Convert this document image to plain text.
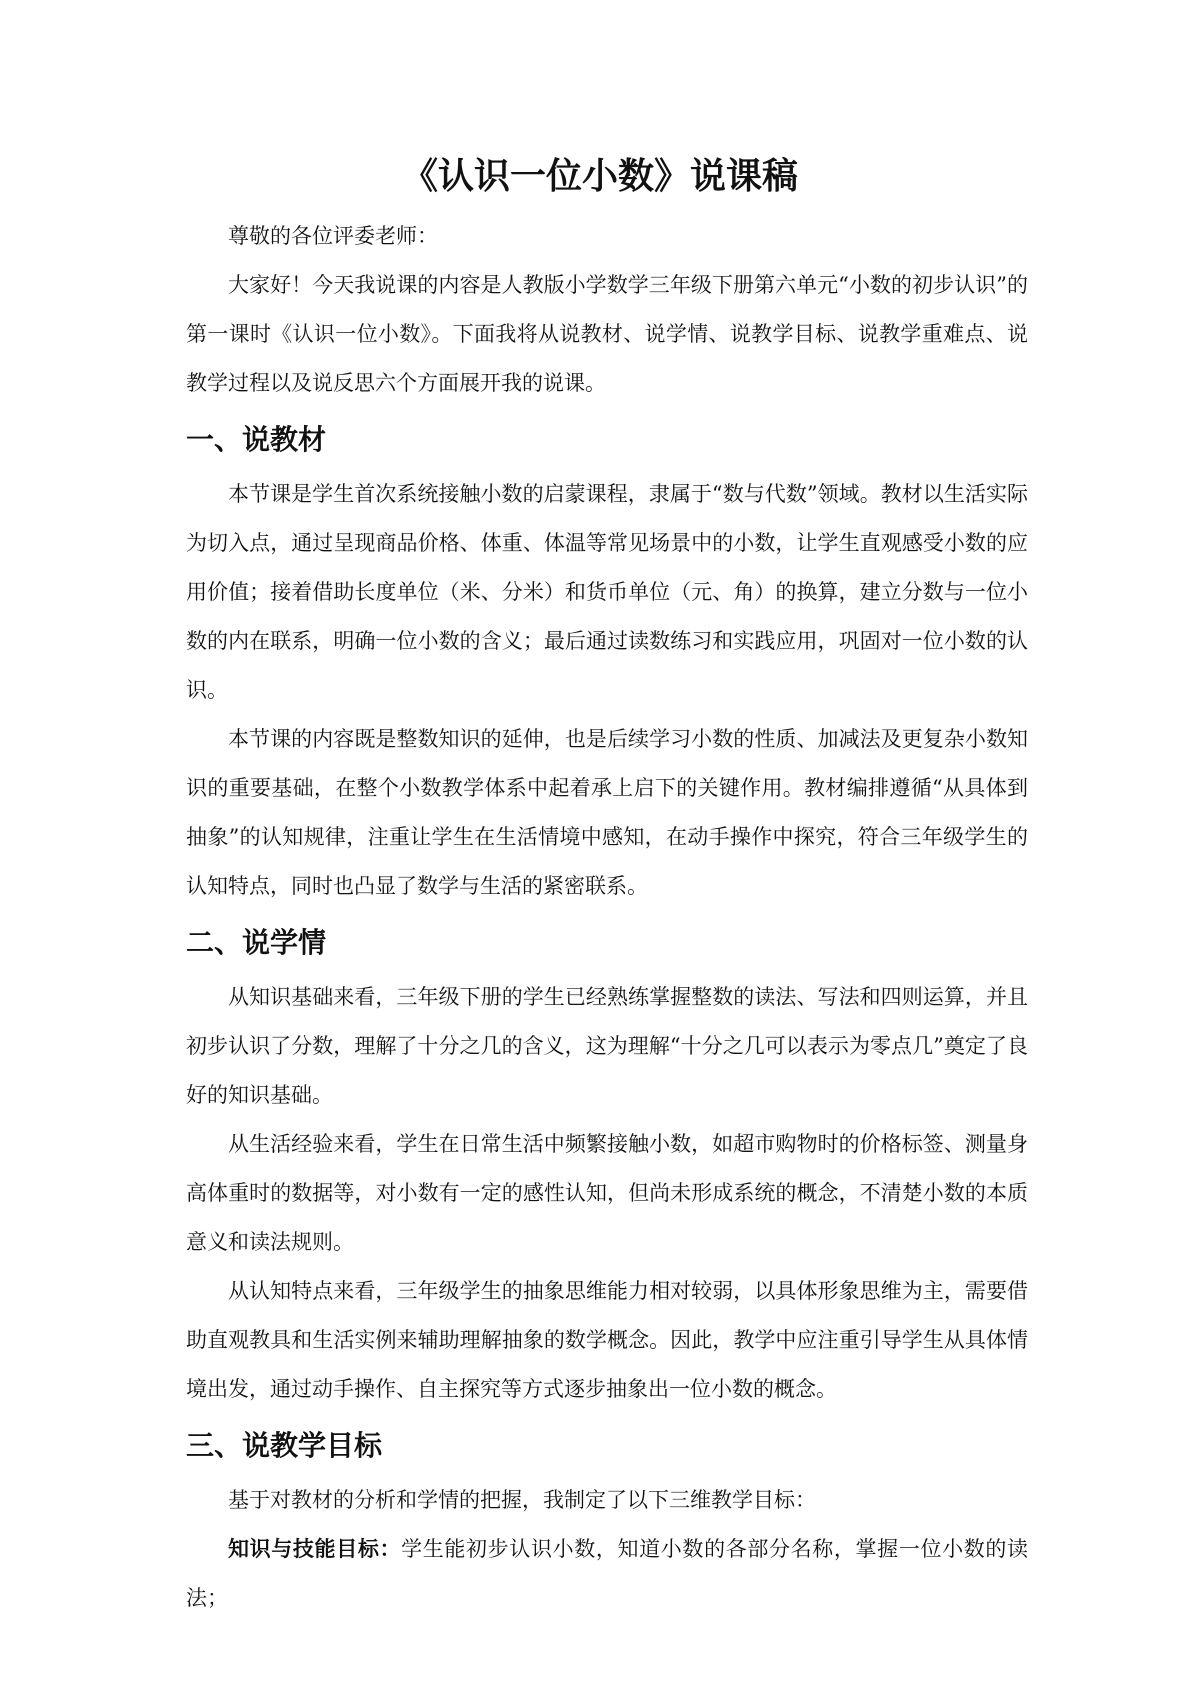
《认识一位小数》说课稿

尊敬的各位评委老师：

大家好！今天我说课的内容是人教版小学数学三年级下册第六单元“小数的初步认识”的第一课时《认识一位小数》。下面我将从说教材、说学情、说教学目标、说教学重难点、说教学过程以及说反思六个方面展开我的说课。

一、说教材

本节课是学生首次系统接触小数的启蒙课程，隶属于“数与代数”领域。教材以生活实际为切入点，通过呈现商品价格、体重、体温等常见场景中的小数，让学生直观感受小数的应用价值；接着借助长度单位（米、分米）和货币单位（元、角）的换算，建立分数与一位小数的内在联系，明确一位小数的含义；最后通过读数练习和实践应用，巩固对一位小数的认识。

本节课的内容既是整数知识的延伸，也是后续学习小数的性质、加减法及更复杂小数知识的重要基础，在整个小数教学体系中起着承上启下的关键作用。教材编排遵循“从具体到抽象”的认知规律，注重让学生在生活情境中感知，在动手操作中探究，符合三年级学生的认知特点，同时也凸显了数学与生活的紧密联系。

二、说学情

从知识基础来看，三年级下册的学生已经熟练掌握整数的读法、写法和四则运算，并且初步认识了分数，理解了十分之几的含义，这为理解“十分之几可以表示为零点几”奠定了良好的知识基础。

从生活经验来看，学生在日常生活中频繁接触小数，如超市购物时的价格标签、测量身高体重时的数据等，对小数有一定的感性认知，但尚未形成系统的概念，不清楚小数的本质意义和读法规则。

从认知特点来看，三年级学生的抽象思维能力相对较弱，以具体形象思维为主，需要借助直观教具和生活实例来辅助理解抽象的数学概念。因此，教学中应注重引导学生从具体情境出发，通过动手操作、自主探究等方式逐步抽象出一位小数的概念。

三、说教学目标

基于对教材的分析和学情的把握，我制定了以下三维教学目标：

知识与技能目标：学生能初步认识小数，知道小数的各部分名称，掌握一位小数的读法；
